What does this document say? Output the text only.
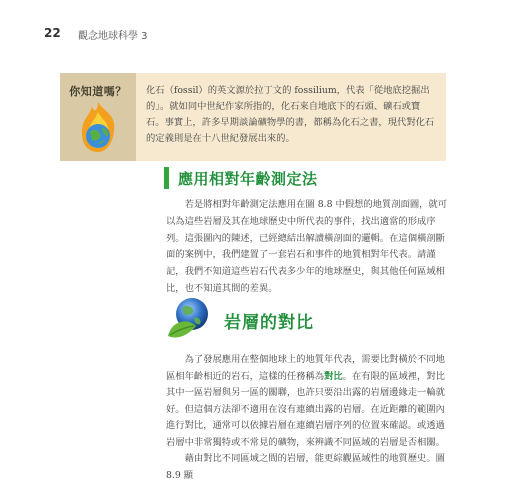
22 觀念地球科學 3
你知道嗎？	化石（fossil）的英文源於拉丁文的 fossilium，代表「從地底挖掘出的」。就如同中世紀作家所指的，化石來自地底下的石頭、礦石或寶石。事實上，許多早期談論礦物學的書，都稱為化石之書，現代對化石的定義則是在十八世紀發展出來的。

應用相對年齡測定法

若是將相對年齡測定法應用在圖 8.8 中假想的地質剖面圖，就可以為這些岩層及其在地球歷史中所代表的事件，找出適當的形成序列。這張圖內的陳述，已經總結出解讀橫剖面的邏輯。在這個橫剖斷面的案例中，我們建置了一套岩石和事件的地質相對年代表。請謹記，我們不知道這些岩石代表多少年的地球歷史，與其他任何區域相比，也不知道其間的差異。

岩層的對比

為了發展應用在整個地球上的地質年代表，需要比對橫於不同地區相年齡相近的岩石，這樣的任務稱為對比。在有限的區域裡，對比其中一區岩層與另一區的關聯，也許只要沿出露的岩層邊緣走一輪就好。但這個方法卻不適用在沒有連續出露的岩層。在近距離的範圍內進行對比，通常可以依據岩層在連續岩層序列的位置來確認。或透過岩層中非常獨特或不常見的礦物，來辨識不同區域的岩層是否相關。

藉由對比不同區域之間的岩層，能更綜觀區域性的地質歷史。圖 8.9 顯
